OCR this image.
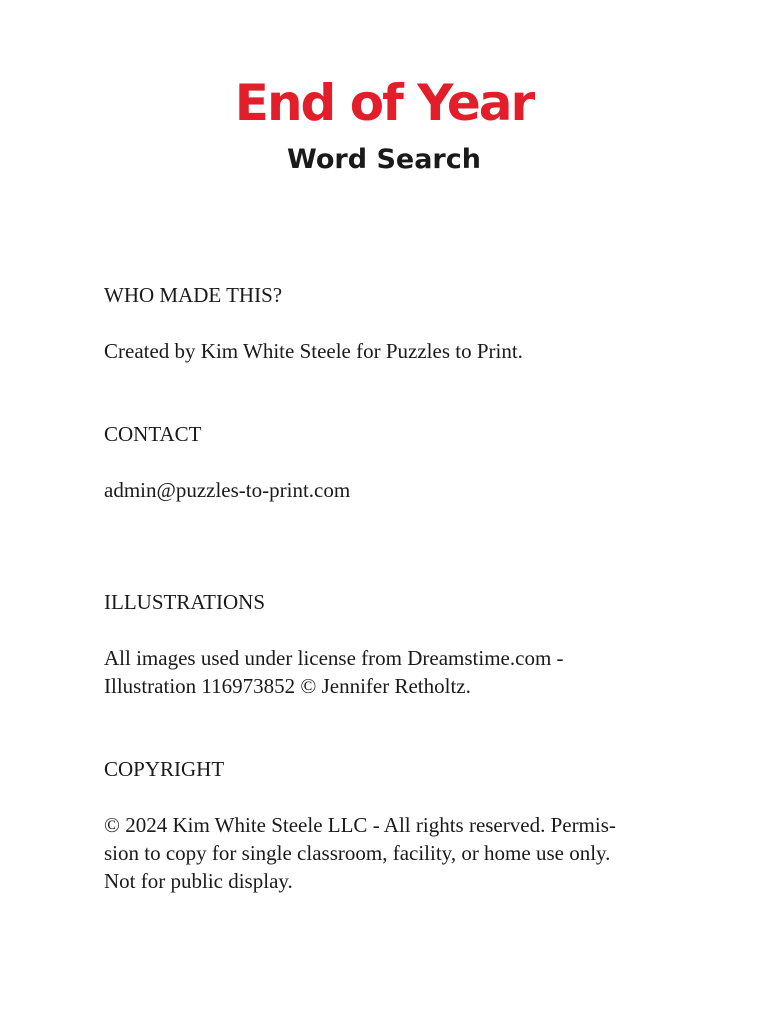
End of Year
Word Search

WHO MADE THIS?

Created by Kim White Steele for Puzzles to Print.

CONTACT

admin@puzzles-to-print.com

ILLUSTRATIONS

All images used under license from Dreamstime.com -
Illustration 116973852 © Jennifer Retholtz.

COPYRIGHT

© 2024 Kim White Steele LLC - All rights reserved. Permis-
sion to copy for single classroom, facility, or home use only.
Not for public display.
